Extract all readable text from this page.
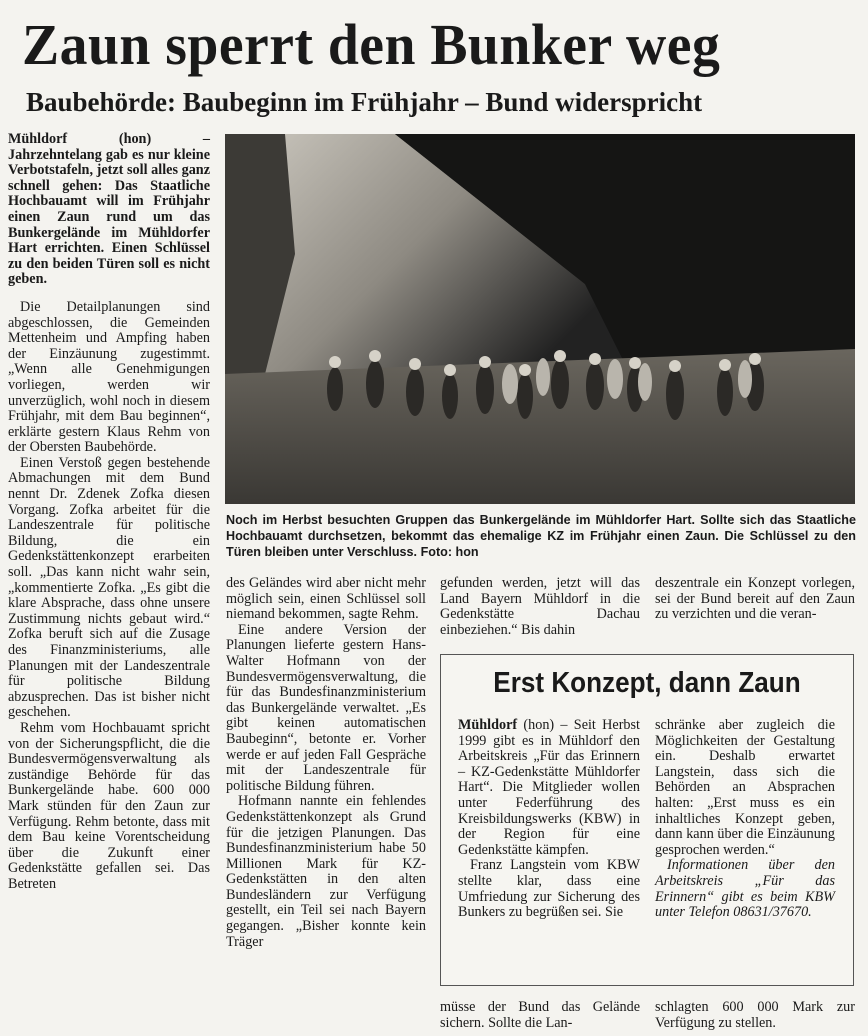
Zaun sperrt den Bunker weg
Baubehörde: Baubeginn im Frühjahr – Bund widerspricht

Mühldorf (hon) – Jahrzehntelang gab es nur kleine Verbotstafeln, jetzt soll alles ganz schnell gehen: Das Staatliche Hochbauamt will im Frühjahr einen Zaun rund um das Bunkergelände im Mühldorfer Hart errichten. Einen Schlüssel zu den beiden Türen soll es nicht geben.

Die Detailplanungen sind abgeschlossen, die Gemeinden Mettenheim und Ampfing haben der Einzäunung zugestimmt. „Wenn alle Genehmigungen vorliegen, werden wir unverzüglich, wohl noch in diesem Frühjahr, mit dem Bau beginnen“, erklärte gestern Klaus Rehm von der Obersten Baubehörde.

Einen Verstoß gegen bestehende Abmachungen mit dem Bund nennt Dr. Zdenek Zofka diesen Vorgang. Zofka arbeitet für die Landeszentrale für politische Bildung, die ein Gedenkstättenkonzept erarbeiten soll. „Das kann nicht wahr sein, „kommentierte Zofka. „Es gibt die klare Absprache, dass ohne unsere Zustimmung nichts gebaut wird.“ Zofka beruft sich auf die Zusage des Finanzministeriums, alle Planungen mit der Landeszentrale für politische Bildung abzusprechen. Das ist bisher nicht geschehen.

Rehm vom Hochbauamt spricht von der Sicherungspflicht, die die Bundesvermögensverwaltung als zuständige Behörde für das Bunkergelände habe. 600 000 Mark stünden für den Zaun zur Verfügung. Rehm betonte, dass mit dem Bau keine Vorentscheidung über die Zukunft einer Gedenkstätte gefallen sei. Das Betreten

Noch im Herbst besuchten Gruppen das Bunkergelände im Mühldorfer Hart. Sollte sich das Staatliche Hochbauamt durchsetzen, bekommt das ehemalige KZ im Frühjahr einen Zaun. Die Schlüssel zu den Türen bleiben unter Verschluss. Foto: hon

des Geländes wird aber nicht mehr möglich sein, einen Schlüssel soll niemand bekommen, sagte Rehm.

Eine andere Version der Planungen lieferte gestern Hans-Walter Hofmann von der Bundesvermögensverwaltung, die für das Bundesfinanzministerium das Bunkergelände verwaltet. „Es gibt keinen automatischen Baubeginn“, betonte er. Vorher werde er auf jeden Fall Gespräche mit der Landeszentrale für politische Bildung führen.

Hofmann nannte ein fehlendes Gedenkstättenkonzept als Grund für die jetzigen Planungen. Das Bundesfinanzministerium habe 50 Millionen Mark für KZ-Gedenkstätten in den alten Bundesländern zur Verfügung gestellt, ein Teil sei nach Bayern gegangen. „Bisher konnte kein Träger

gefunden werden, jetzt will das Land Bayern Mühldorf in die Gedenkstätte Dachau einbeziehen.“ Bis dahin

deszentrale ein Konzept vorlegen, sei der Bund bereit auf den Zaun zu verzichten und die veran-

Erst Konzept, dann Zaun

Mühldorf (hon) – Seit Herbst 1999 gibt es in Mühldorf den Arbeitskreis „Für das Erinnern – KZ-Gedenkstätte Mühldorfer Hart“. Die Mitglieder wollen unter Federführung des Kreisbildungswerks (KBW) in der Region für eine Gedenkstätte kämpfen.

Franz Langstein vom KBW stellte klar, dass eine Umfriedung zur Sicherung des Bunkers zu begrüßen sei. Sie

schränke aber zugleich die Möglichkeiten der Gestaltung ein. Deshalb erwartet Langstein, dass sich die Behörden an Absprachen halten: „Erst muss es ein inhaltliches Konzept geben, dann kann über die Einzäunung gesprochen werden.“

Informationen über den Arbeitskreis „Für das Erinnern“ gibt es beim KBW unter Telefon 08631/37670.

müsse der Bund das Gelände sichern. Sollte die Lan-

schlagten 600 000 Mark zur Verfügung zu stellen.
